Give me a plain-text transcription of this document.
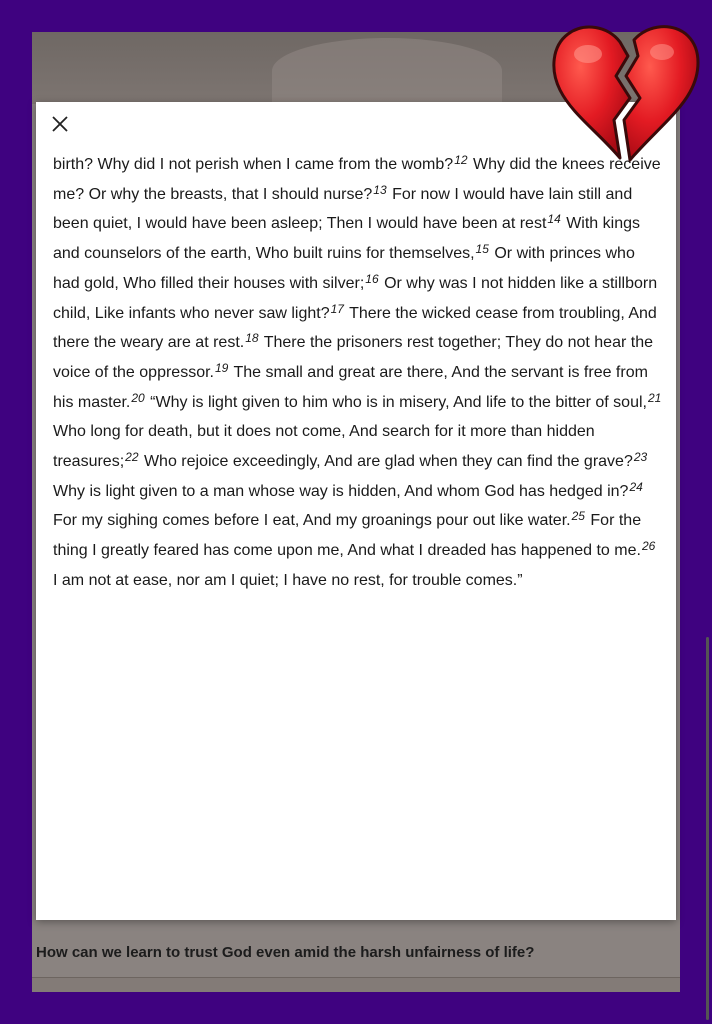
How can we learn to trust God even amid the harsh unfairness of life?
birth? Why did I not perish when I came from the womb?$^{12}$ Why did the knees receive me? Or why the breasts, that I should nurse?$^{13}$ For now I would have lain still and been quiet, I would have been asleep; Then I would have been at rest$^{14}$ With kings and counselors of the earth, Who built ruins for themselves,$^{15}$ Or with princes who had gold, Who filled their houses with silver;$^{16}$ Or why was I not hidden like a stillborn child, Like infants who never saw light?$^{17}$ There the wicked cease from troubling, And there the weary are at rest.$^{18}$ There the prisoners rest together; They do not hear the voice of the oppressor.$^{19}$ The small and great are there, And the servant is free from his master.$^{20}$ “Why is light given to him who is in misery, And life to the bitter of soul,$^{21}$ Who long for death, but it does not come, And search for it more than hidden treasures;$^{22}$ Who rejoice exceedingly, And are glad when they can find the grave?$^{23}$ Why is light given to a man whose way is hidden, And whom God has hedged in?$^{24}$ For my sighing comes before I eat, And my groanings pour out like water.$^{25}$ For the thing I greatly feared has come upon me, And what I dreaded has happened to me.$^{26}$ I am not at ease, nor am I quiet; I have no rest, for trouble comes.”
